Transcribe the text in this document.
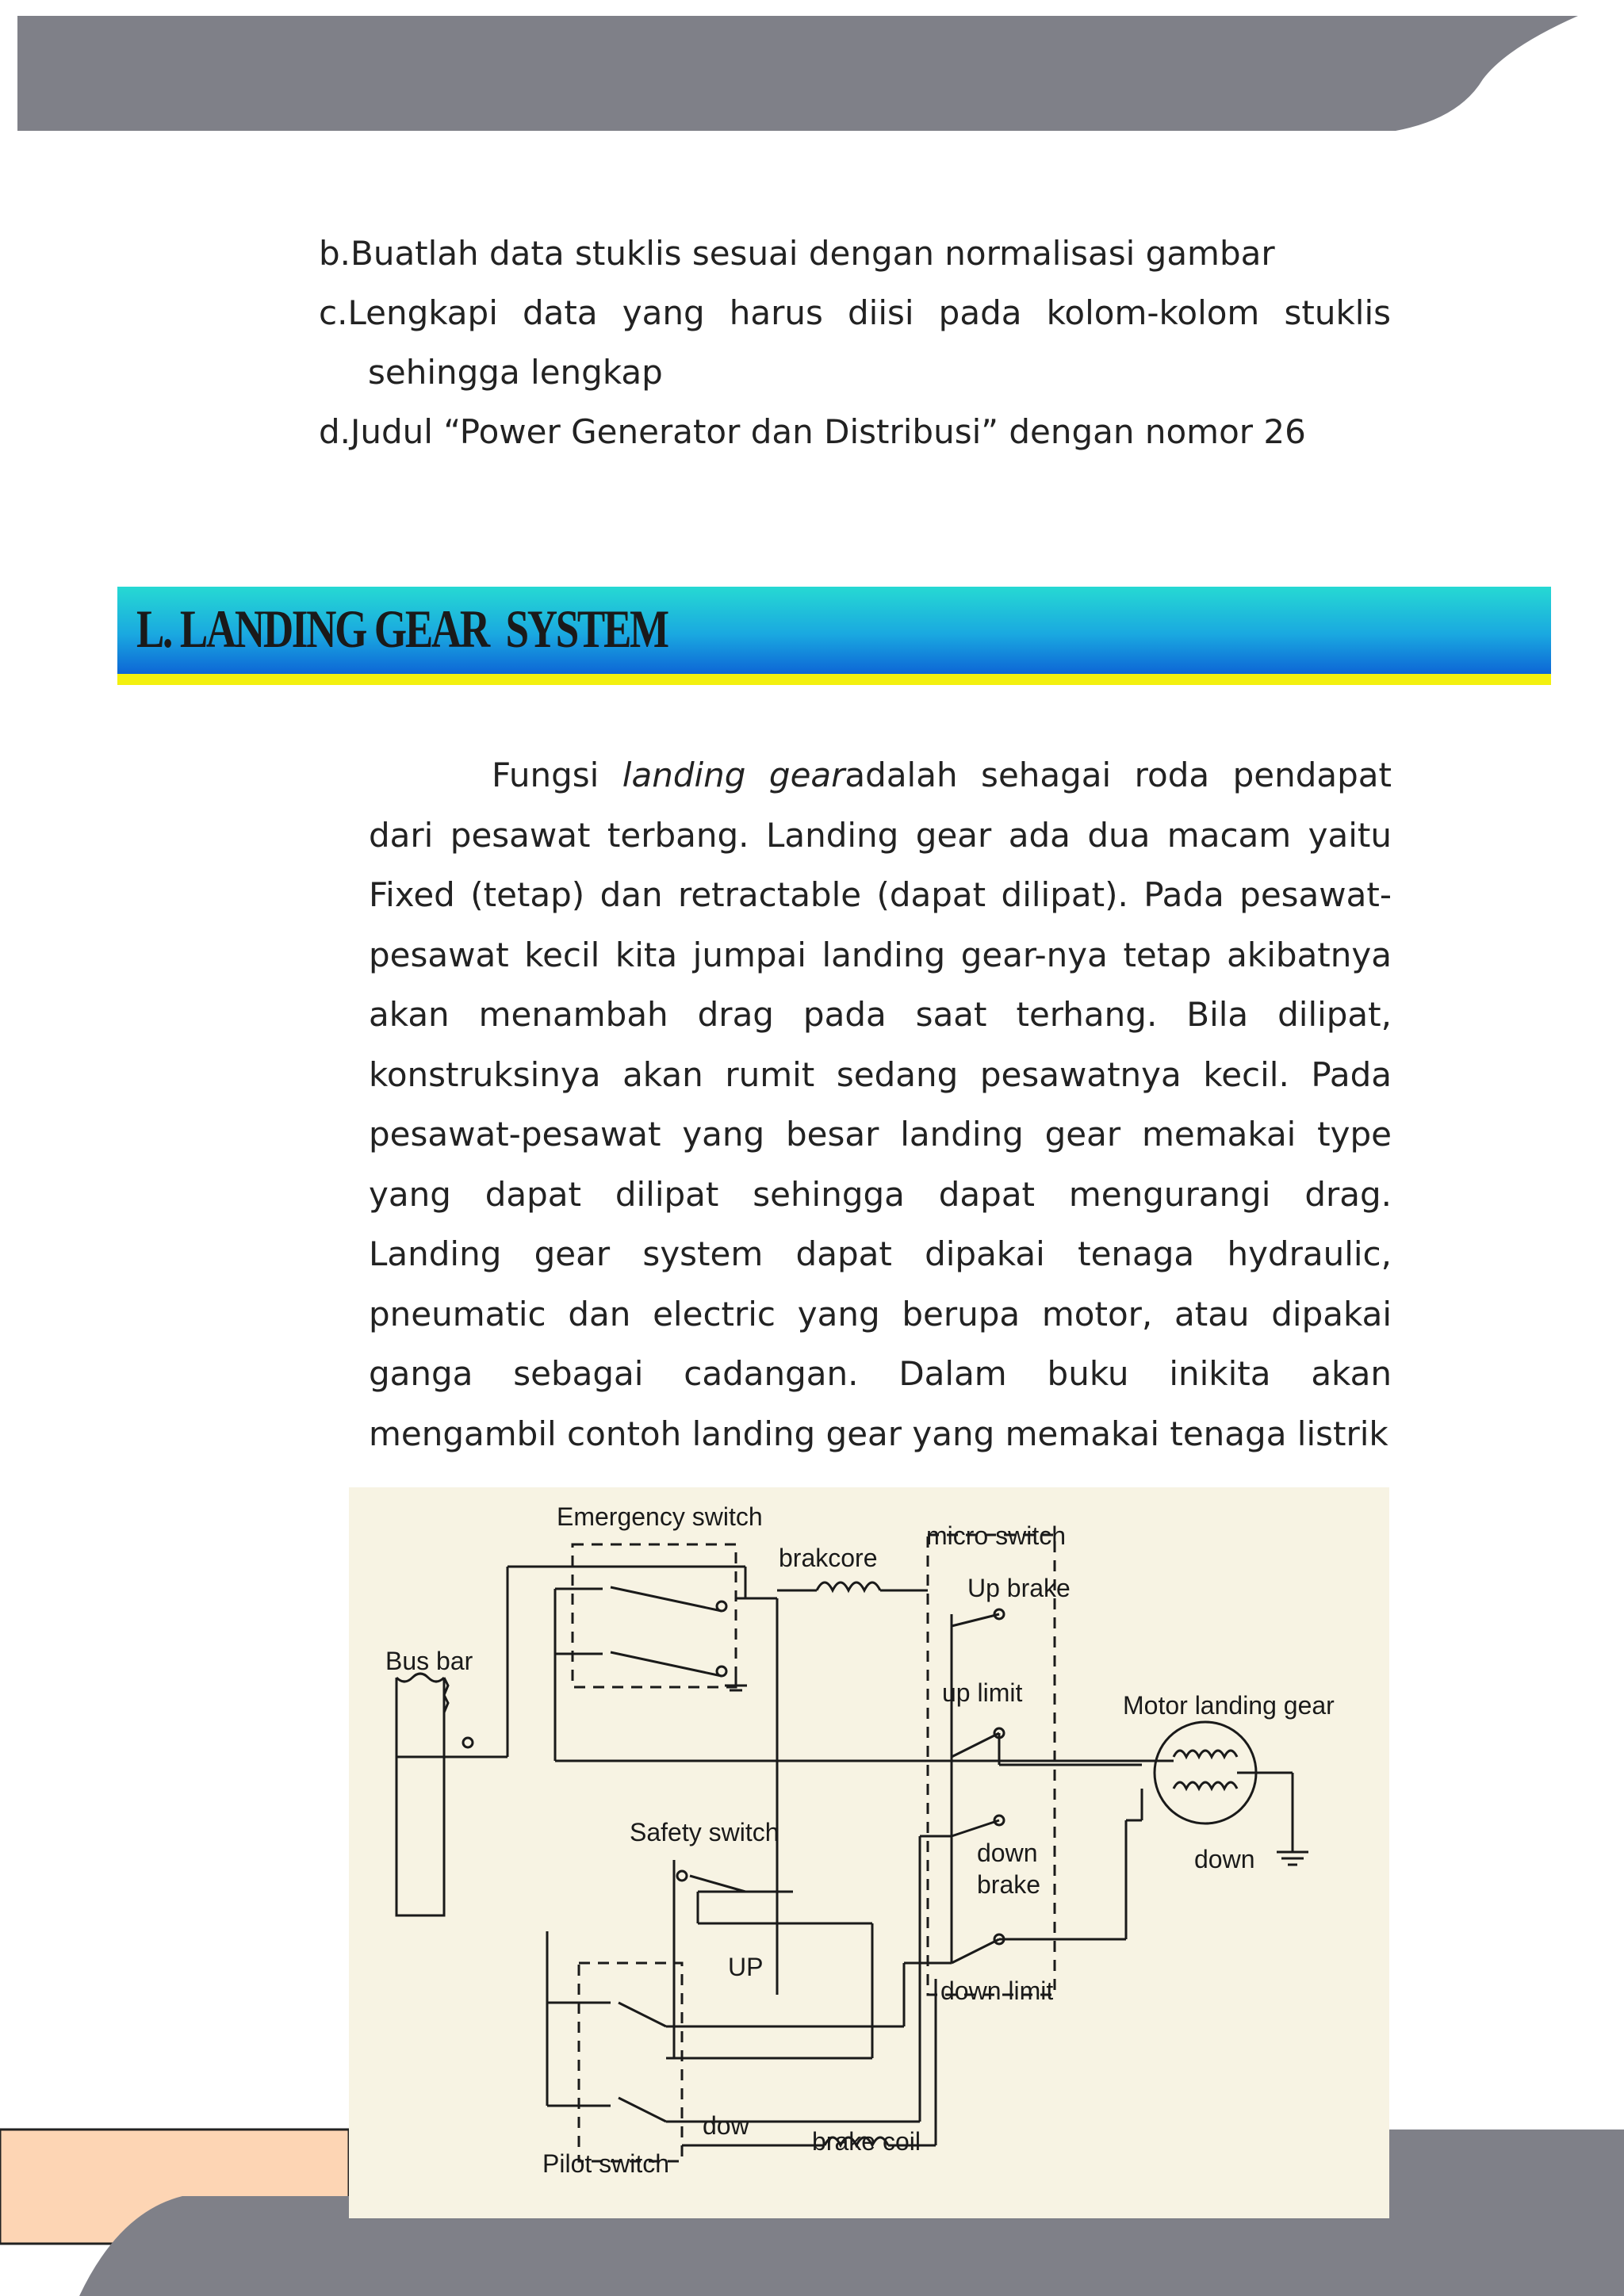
b.Buatlah data stuklis sesuai dengan normalisasi gambar
c.Lengkapi data yang harus diisi pada kolom-kolom stuklis
sehingga lengkap
d.Judul “Power Generator dan Distribusi” dengan nomor 26
L. LANDING GEAR  SYSTEM
Fungsi landing gearadalah sehagai roda pendapat dari pesawat terbang. Landing gear ada dua macam yaitu Fixed (tetap) dan retractable (dapat dilipat). Pada pesawat-pesawat kecil kita jumpai landing gear-nya tetap akibatnya akan menambah drag pada saat terhang. Bila dilipat, konstruksinya akan rumit sedang pesawatnya kecil. Pada pesawat-pesawat yang besar landing gear memakai type yang dapat dilipat sehingga dapat mengurangi drag. Landing gear system dapat dipakai tenaga hydraulic, pneumatic dan electric yang berupa motor, atau dipakai ganga sebagai cadangan. Dalam buku inikita akan mengambil contoh landing gear yang memakai tenaga listrik
Emergency switch
brakcore
micro switch
Up brake
Bus bar
up limit	Motor landing gear
Safety switch
down
brake
down
UP
down limit
dow
brake coil
Pilot switch
